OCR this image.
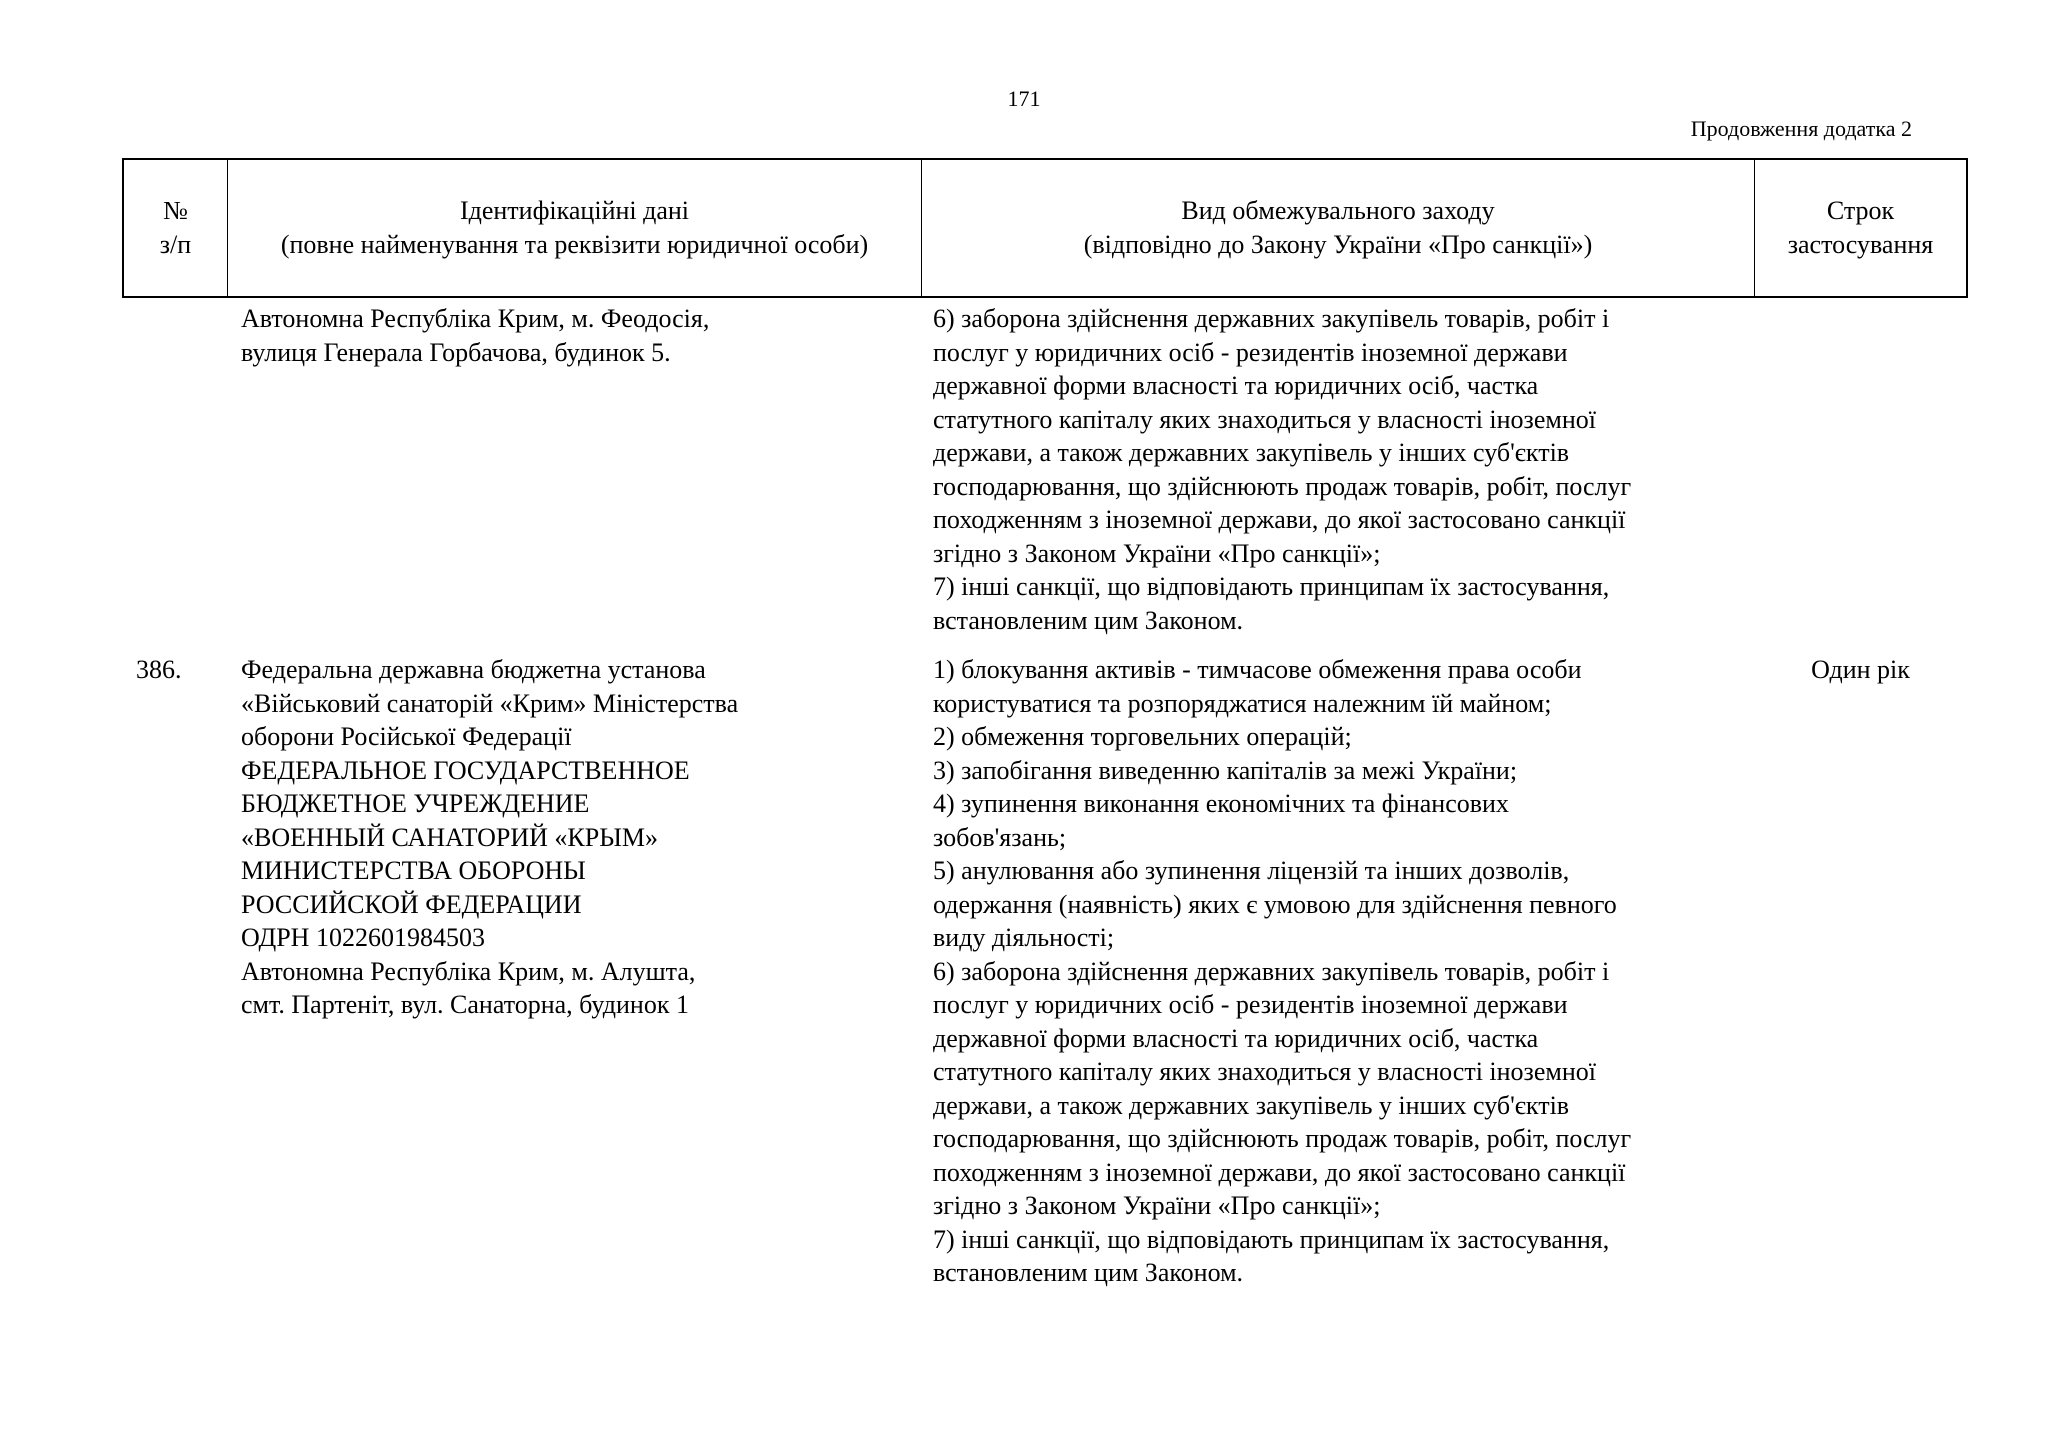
171
Продовження додатка 2
№
з/п
Ідентифікаційні дані
(повне найменування та реквізити юридичної особи)
Вид обмежувального заходу
(відповідно до Закону України «Про санкції»)
Строк
застосування
Автономна Республіка Крим, м. Феодосія,
вулиця Генерала Горбачова, будинок 5.
6) заборона здійснення державних закупівель товарів, робіт і
послуг у юридичних осіб - резидентів іноземної держави
державної форми власності та юридичних осіб, частка
статутного капіталу яких знаходиться у власності іноземної
держави, а також державних закупівель у інших суб'єктів
господарювання, що здійснюють продаж товарів, робіт, послуг
походженням з іноземної держави, до якої застосовано санкції
згідно з Законом України «Про санкції»;
7) інші санкції, що відповідають принципам їх застосування,
встановленим цим Законом.
386.	Федеральна державна бюджетна установа
«Військовий санаторій «Крим» Міністерства
оборони Російської Федерації
ФЕДЕРАЛЬНОЕ ГОСУДАРСТВЕННОЕ
БЮДЖЕТНОЕ УЧРЕЖДЕНИЕ
«ВОЕННЫЙ САНАТОРИЙ «КРЫМ»
МИНИСТЕРСТВА ОБОРОНЫ
РОССИЙСКОЙ ФЕДЕРАЦИИ
ОДРН 1022601984503
Автономна Республіка Крим, м. Алушта,
смт. Партеніт, вул. Санаторна, будинок 1
1) блокування активів - тимчасове обмеження права особи
користуватися та розпоряджатися належним їй майном;
2) обмеження торговельних операцій;
3) запобігання виведенню капіталів за межі України;
4) зупинення виконання економічних та фінансових
зобов'язань;
5) анулювання або зупинення ліцензій та інших дозволів,
одержання (наявність) яких є умовою для здійснення певного
виду діяльності;
6) заборона здійснення державних закупівель товарів, робіт і
послуг у юридичних осіб - резидентів іноземної держави
державної форми власності та юридичних осіб, частка
статутного капіталу яких знаходиться у власності іноземної
держави, а також державних закупівель у інших суб'єктів
господарювання, що здійснюють продаж товарів, робіт, послуг
походженням з іноземної держави, до якої застосовано санкції
згідно з Законом України «Про санкції»;
7) інші санкції, що відповідають принципам їх застосування,
встановленим цим Законом.
Один рік
